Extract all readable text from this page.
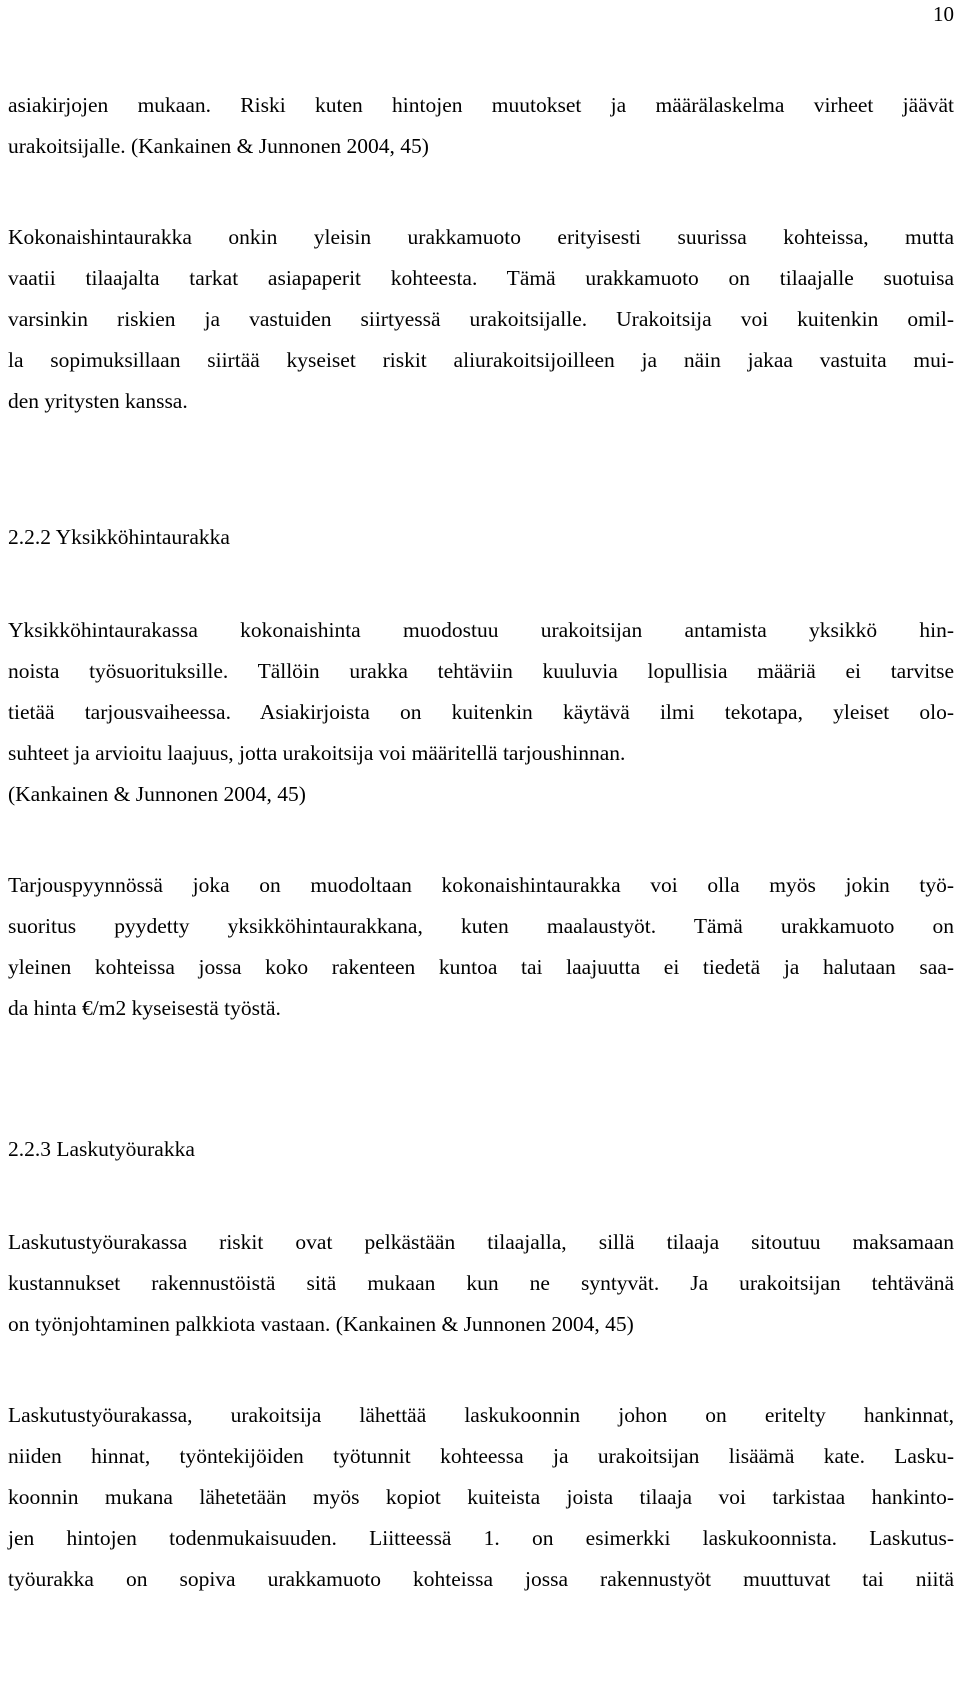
10
asiakirjojen mukaan. Riski kuten hintojen muutokset ja määrälaskelma virheet jäävät
urakoitsijalle. (Kankainen & Junnonen 2004, 45)
Kokonaishintaurakka onkin yleisin urakkamuoto erityisesti suurissa kohteissa, mutta
vaatii tilaajalta tarkat asiapaperit kohteesta. Tämä urakkamuoto on tilaajalle suotuisa
varsinkin riskien ja vastuiden siirtyessä urakoitsijalle. Urakoitsija voi kuitenkin omil-
la sopimuksillaan siirtää kyseiset riskit aliurakoitsijoilleen ja näin jakaa vastuita mui-
den yritysten kanssa.
2.2.2 Yksikköhintaurakka
Yksikköhintaurakassa kokonaishinta muodostuu urakoitsijan antamista yksikkö hin-
noista työsuorituksille. Tällöin urakka tehtäviin kuuluvia lopullisia määriä ei tarvitse
tietää tarjousvaiheessa. Asiakirjoista on kuitenkin käytävä ilmi tekotapa, yleiset olo-
suhteet ja arvioitu laajuus, jotta urakoitsija voi määritellä tarjoushinnan.
(Kankainen & Junnonen 2004, 45)
Tarjouspyynnössä joka on muodoltaan kokonaishintaurakka voi olla myös jokin työ-
suoritus pyydetty yksikköhintaurakkana, kuten maalaustyöt. Tämä urakkamuoto on
yleinen kohteissa jossa koko rakenteen kuntoa tai laajuutta ei tiedetä ja halutaan saa-
da hinta €/m2 kyseisestä työstä.
2.2.3 Laskutyöurakka
Laskutustyöurakassa riskit ovat pelkästään tilaajalla, sillä tilaaja sitoutuu maksamaan
kustannukset rakennustöistä sitä mukaan kun ne syntyvät. Ja urakoitsijan tehtävänä
on työnjohtaminen palkkiota vastaan. (Kankainen & Junnonen 2004, 45)
Laskutustyöurakassa, urakoitsija lähettää laskukoonnin johon on eritelty hankinnat,
niiden hinnat, työntekijöiden työtunnit kohteessa ja urakoitsijan lisäämä kate. Lasku-
koonnin mukana lähetetään myös kopiot kuiteista joista tilaaja voi tarkistaa hankinto-
jen hintojen todenmukaisuuden. Liitteessä 1. on esimerkki laskukoonnista. Laskutus-
työurakka on sopiva urakkamuoto kohteissa jossa rakennustyöt muuttuvat tai niitä
